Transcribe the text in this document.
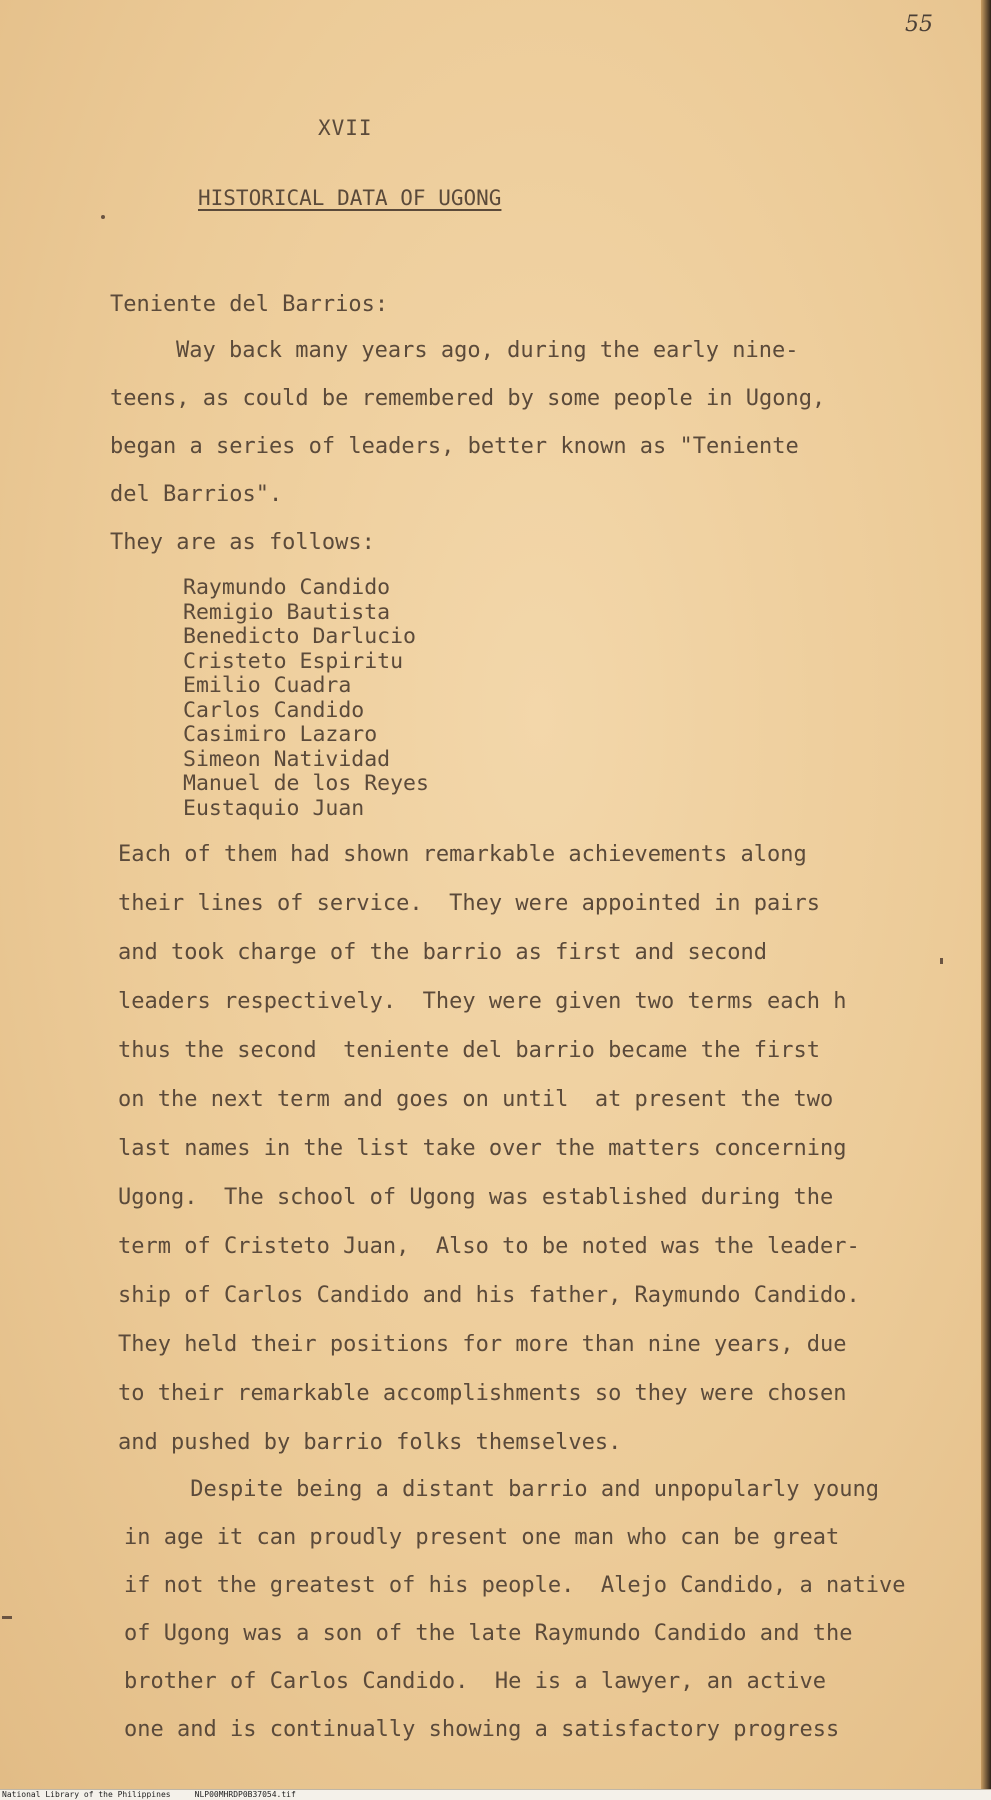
55
XVII
HISTORICAL DATA OF UGONG
Teniente del Barrios:
Way back many years ago, during the early nine-
teens, as could be remembered by some people in Ugong,
began a series of leaders, better known as "Teniente
del Barrios".
They are as follows:
Raymundo Candido
Remigio Bautista
Benedicto Darlucio
Cristeto Espiritu
Emilio Cuadra
Carlos Candido
Casimiro Lazaro
Simeon Natividad
Manuel de los Reyes
Eustaquio Juan
Each of them had shown remarkable achievements along
their lines of service.  They were appointed in pairs
and took charge of the barrio as first and second
leaders respectively.  They were given two terms each h
thus the second  teniente del barrio became the first
on the next term and goes on until  at present the two
last names in the list take over the matters concerning
Ugong.  The school of Ugong was established during the
term of Cristeto Juan,  Also to be noted was the leader-
ship of Carlos Candido and his father, Raymundo Candido.
They held their positions for more than nine years, due
to their remarkable accomplishments so they were chosen
and pushed by barrio folks themselves.
Despite being a distant barrio and unpopularly young
in age it can proudly present one man who can be great
if not the greatest of his people.  Alejo Candido, a native
of Ugong was a son of the late Raymundo Candido and the
brother of Carlos Candido.  He is a lawyer, an active
one and is continually showing a satisfactory progress
National Library of the Philippines     NLP00MHRDP0B37054.tif
